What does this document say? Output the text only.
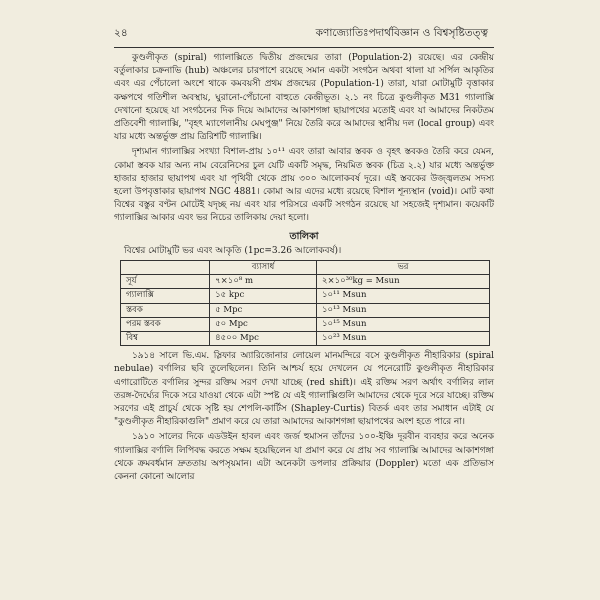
২৪	কণাজ্যোতিঃপদার্থবিজ্ঞান ও বিশ্বসৃষ্টিতত্ত্ব

কুণ্ডলীকৃত (spiral) গ্যালাক্সিতে দ্বিতীয় প্রজন্মের তারা (Population-2) রয়েছে। এর কেন্দ্রীয় বর্তুলাকার চক্রনাভি (hub) অঞ্চলের চারপাশে রয়েছে সমান একটা সংগঠন অথবা থালা যা সর্পিল আকৃতির এবং এর পেঁচালো অংশে থাকে কমবয়সী প্রথম প্রজন্মের (Population-1) তারা, যারা মোটামুটি বৃত্তাকার কক্ষপথে গতিশীল অবস্থায়, ঘুরানো-পেঁচানো বাহুতে কেন্দ্রীভূত। ২.১ নং চিত্রে কুণ্ডলীকৃত M31 গ্যালাক্সি দেখানো হয়েছে যা সংগঠনের দিক দিয়ে আমাদের আকাশগঙ্গা ছায়াপথের মতোই এবং যা আমাদের নিকটতম প্রতিবেশী গ্যালাক্সি, "বৃহৎ ম্যাগেলানীয় মেঘপুঞ্জ" নিয়ে তৈরি করে আমাদের স্থানীয় দল (local group) এবং যার মধ্যে অন্তর্ভুক্ত প্রায় ত্রিরিশটি গ্যালাক্সি।

দৃশ্যমান গ্যালাক্সির সংখ্যা বিশাল-প্রায় ১০¹¹ এবং তারা আবার স্তবক ও বৃহৎ স্তবকও তৈরি করে যেমন, কোমা স্তবক যার অন্য নাম বেরেনিসের চুল যেটি একটি সমৃদ্ধ, নিয়মিত স্তবক (চিত্র ২.২) যার মধ্যে অন্তর্ভুক্ত হাজার হাজার ছায়াপথ এবং যা পৃথিবী থেকে প্রায় ৩০০ আলোকবর্ষ দূরে। এই স্তবকের উজ্জ্বলতম সদস্য হলো উপবৃত্তাকার ছায়াপথ NGC 4881। কোমা আর এদের মধ্যে রয়েছে বিশাল শূন্যস্থান (void)। মোট কথা বিশ্বের বস্তুর বণ্টন মোটেই যদৃচ্ছ নয় এবং যার পরিসরে একটি সংগঠন রয়েছে যা সহজেই দৃশ্যমান। কয়েকটি গ্যালাক্সির আকার এবং ভর নিচের তালিকায় দেয়া হলো।

তালিকা
বিশ্বের মোটামুটি ভর এবং আকৃতি (1pc=3.26 আলোকবর্ষ)।
	ব্যাসার্ধ	ভর
সূর্য	৭×১০⁸ m	২×১০³⁰kg = Msun
গ্যালাক্সি	১৫ kpc	১০¹¹ Msun
স্তবক	৫ Mpc	১০¹³ Msun
পরম স্তবক	৫০ Mpc	১০¹⁵ Msun
বিশ্ব	৪৫০০ Mpc	১০²³ Msun

১৯১৪ সালে ভি.এম. স্লিফার অ্যারিজোনার লোয়েল মানমন্দিরে বসে কুণ্ডলীকৃত নীহারিকার (spiral nebulae) বর্ণালির ছবি তুলেছিলেন। তিনি আশ্চর্য হয়ে দেখলেন যে পনেরোটি কুণ্ডলীকৃত নীহারিকার এগারোটিতে বর্ণালির সুন্দর রক্তিম সরণ দেখা যাচ্ছে (red shift)। এই রক্তিম সরণ অর্থাৎ বর্ণালির লাল তরঙ্গ-দৈর্ঘ্যের দিকে সরে যাওয়া থেকে এটা স্পষ্ট যে এই গ্যালাক্সিগুলি আমাদের থেকে দূরে সরে যাচ্ছে। রক্তিম সরণের এই প্রাচুর্য থেকে সৃষ্টি হয় শেপলি-কার্টিস (Shapley-Curtis) বিতর্ক এবং তার সমাধান এটাই যে "কুণ্ডলীকৃত নীহারিকাগুলি" প্রমাণ করে যে তারা আমাদের আকাশগঙ্গা ছায়াপথের অংশ হতে পারে না।

১৯১০ সালের দিকে এডউইন হাবল এবং জর্জ হুমাসন তাঁদের ১০০-ইঞ্চি দূরবীন ব্যবহার করে অনেক গ্যালাক্সির বর্ণালি লিপিবদ্ধ করতে সক্ষম হয়েছিলেন যা প্রমাণ করে যে প্রায় সব গ্যালাক্সি আমাদের আকাশগঙ্গা থেকে ক্রমবর্ধমান দ্রুততায় অপসৃয়মান। এটা অনেকটা ডপলার প্রক্রিয়ার (Doppler) মতো এক প্রতিভাস কেননা কোনো আলোর
